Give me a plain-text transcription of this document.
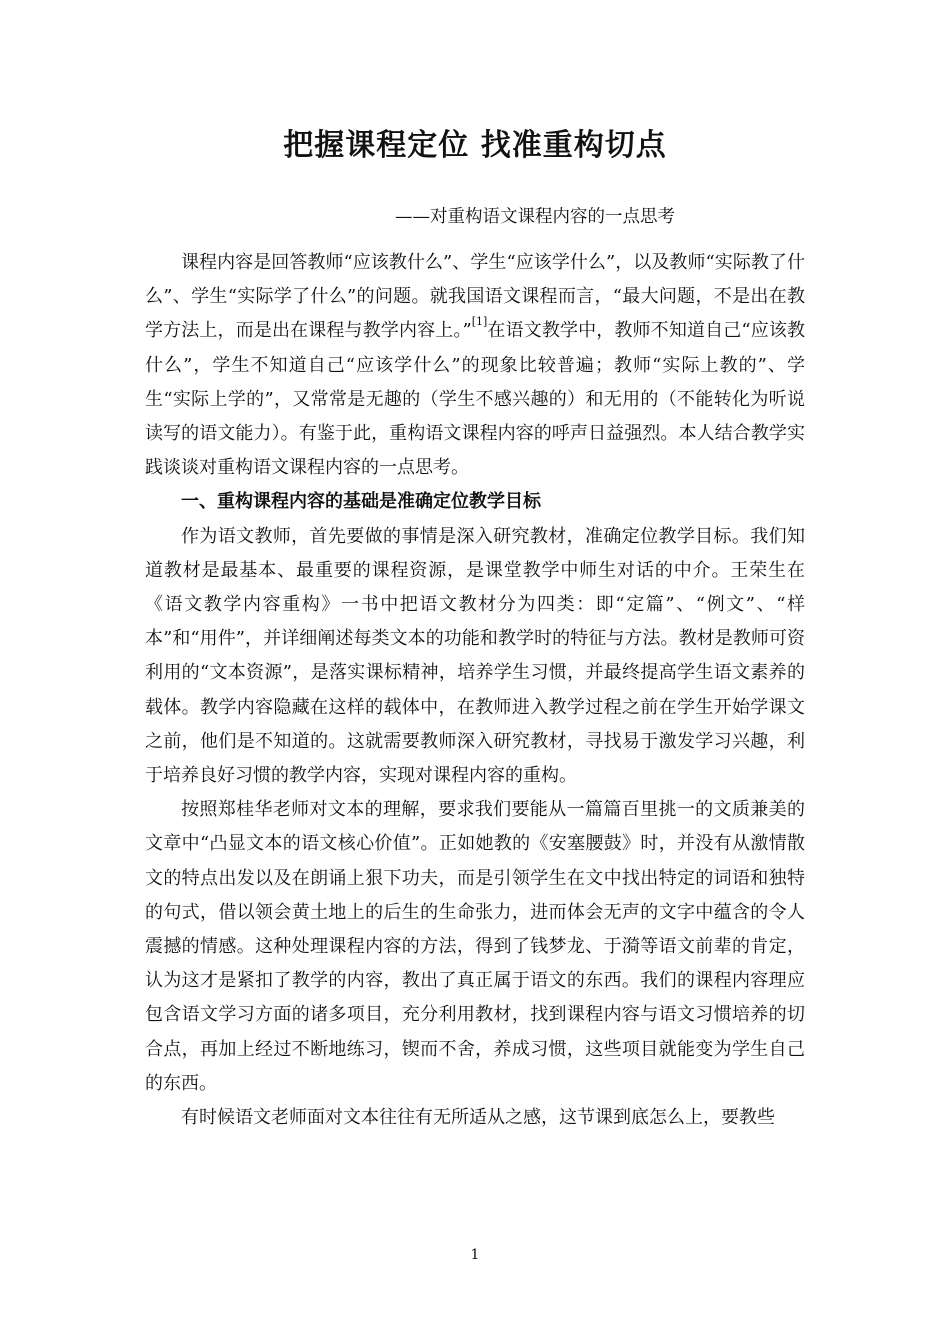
把握课程定位 找准重构切点

——对重构语文课程内容的一点思考

课程内容是回答教师“应该教什么”、学生“应该学什么”，以及教师“实际教了什么”、学生“实际学了什么”的问题。就我国语文课程而言，“最大问题，不是出在教学方法上，而是出在课程与教学内容上。”[1]在语文教学中，教师不知道自己“应该教什么”，学生不知道自己“应该学什么”的现象比较普遍；教师“实际上教的”、学生“实际上学的”，又常常是无趣的（学生不感兴趣的）和无用的（不能转化为听说读写的语文能力）。有鉴于此，重构语文课程内容的呼声日益强烈。本人结合教学实践谈谈对重构语文课程内容的一点思考。

一、重构课程内容的基础是准确定位教学目标

作为语文教师，首先要做的事情是深入研究教材，准确定位教学目标。我们知道教材是最基本、最重要的课程资源，是课堂教学中师生对话的中介。王荣生在《语文教学内容重构》一书中把语文教材分为四类：即“定篇”、“例文”、“样本”和“用件”，并详细阐述每类文本的功能和教学时的特征与方法。教材是教师可资利用的“文本资源”，是落实课标精神，培养学生习惯，并最终提高学生语文素养的载体。教学内容隐藏在这样的载体中，在教师进入教学过程之前在学生开始学课文之前，他们是不知道的。这就需要教师深入研究教材，寻找易于激发学习兴趣，利于培养良好习惯的教学内容，实现对课程内容的重构。

按照郑桂华老师对文本的理解，要求我们要能从一篇篇百里挑一的文质兼美的文章中“凸显文本的语文核心价值”。正如她教的《安塞腰鼓》时，并没有从激情散文的特点出发以及在朗诵上狠下功夫，而是引领学生在文中找出特定的词语和独特的句式，借以领会黄土地上的后生的生命张力，进而体会无声的文字中蕴含的令人震撼的情感。这种处理课程内容的方法，得到了钱梦龙、于漪等语文前辈的肯定，认为这才是紧扣了教学的内容，教出了真正属于语文的东西。我们的课程内容理应包含语文学习方面的诸多项目，充分利用教材，找到课程内容与语文习惯培养的切合点，再加上经过不断地练习，锲而不舍，养成习惯，这些项目就能变为学生自己的东西。

有时候语文老师面对文本往往有无所适从之感，这节课到底怎么上，要教些

1
